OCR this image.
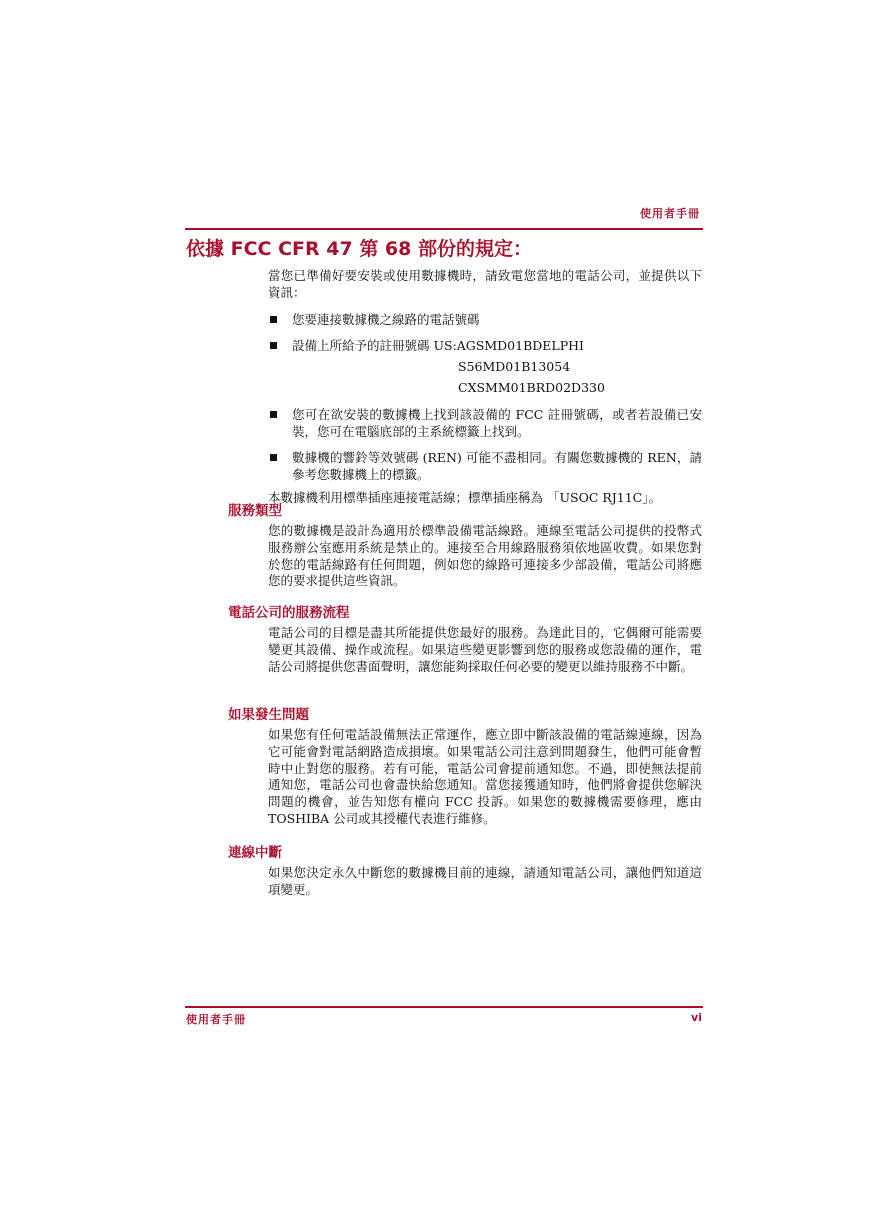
使用者手冊
依據 FCC CFR 47 第 68 部份的規定：

當您已準備好要安裝或使用數據機時，請致電您當地的電話公司，並提供以下資訊：

您要連接數據機之線路的電話號碼
設備上所給予的註冊號碼 US:AGSMD01BDELPHI
S56MD01B13054
CXSMM01BRD02D330

您可在欲安裝的數據機上找到該設備的 FCC 註冊號碼，或者若設備已安裝，您可在電腦底部的主系統標籤上找到。

數據機的響鈴等效號碼 (REN) 可能不盡相同。有關您數據機的 REN，請參考您數據機上的標籤。

本數據機利用標準插座連接電話線；標準插座稱為 「USOC RJ11C」。

服務類型

您的數據機是設計為適用於標準設備電話線路。連線至電話公司提供的投幣式服務辦公室應用系統是禁止的。連接至合用線路服務須依地區收費。如果您對於您的電話線路有任何問題，例如您的線路可連接多少部設備，電話公司將應您的要求提供這些資訊。

電話公司的服務流程

電話公司的目標是盡其所能提供您最好的服務。為達此目的，它偶爾可能需要變更其設備、操作或流程。如果這些變更影響到您的服務或您設備的運作，電話公司將提供您書面聲明，讓您能夠採取任何必要的變更以維持服務不中斷。

如果發生問題

如果您有任何電話設備無法正常運作，應立即中斷該設備的電話線連線，因為它可能會對電話網路造成損壞。如果電話公司注意到問題發生，他們可能會暫時中止對您的服務。若有可能，電話公司會提前通知您。不過，即使無法提前通知您，電話公司也會盡快給您通知。當您接獲通知時，他們將會提供您解決問題的機會，並告知您有權向 FCC 投訴。如果您的數據機需要修理，應由 TOSHIBA 公司或其授權代表進行維修。

連線中斷

如果您決定永久中斷您的數據機目前的連線，請通知電話公司，讓他們知道這項變更。

使用者手冊	vi
